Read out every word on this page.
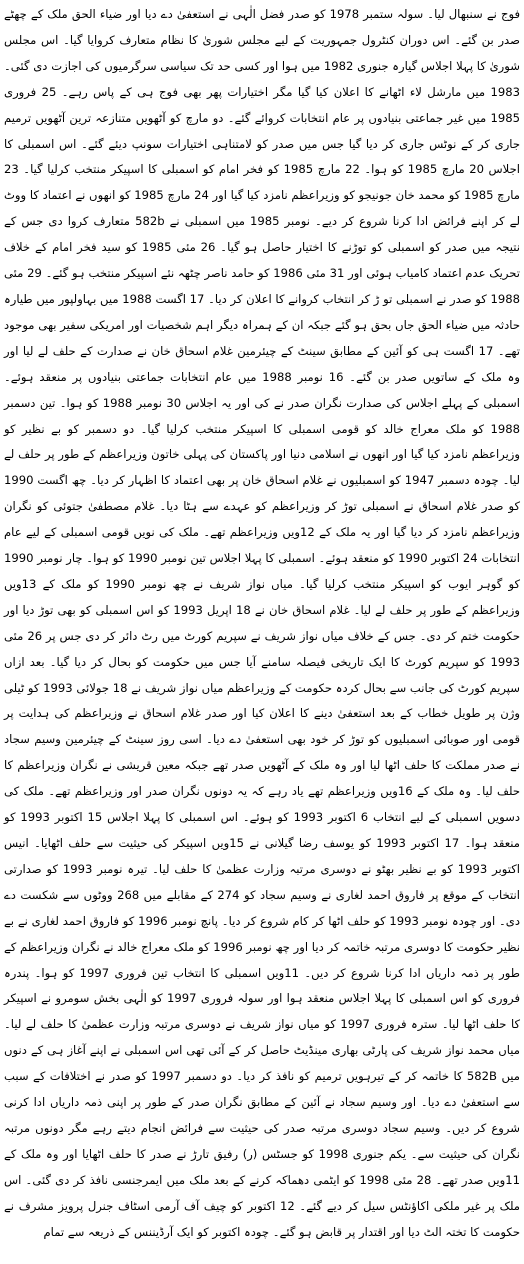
فوج نے سنبھال لیا۔ سولہ ستمبر 1978 کو صدر فضل الٰہی نے استعفیٰ دے دیا اور ضیاء الحق ملک کے چھٹے صدر بن گئے۔ اس دوران کنٹرول جمہوریت کے لیے مجلس شوریٰ کا نظام متعارف کروایا گیا۔ اس مجلس شوریٰ کا پہلا اجلاس گیارہ جنوری 1982 میں ہوا اور کسی حد تک سیاسی سرگرمیوں کی اجازت دی گئی۔ 1983 میں مارشل لاء اٹھانے کا اعلان کیا گیا مگر اختیارات پھر بھی فوج ہی کے پاس رہے۔ 25 فروری 1985 میں غیر جماعتی بنیادوں پر عام انتخابات کروائے گئے۔ دو مارچ کو آٹھویں متنازعہ ترین آٹھویں ترمیم جاری کر کے نوٹس جاری کر دیا گیا جس میں صدر کو لامتناہی اختیارات سونپ دیئے گئے۔ اس اسمبلی کا اجلاس 20 مارچ 1985 کو ہوا۔ 22 مارچ 1985 کو فخر امام کو اسمبلی کا اسپیکر منتخب کرلیا گیا۔ 23 مارچ 1985 کو محمد خان جونیجو کو وزیراعظم نامزد کیا گیا اور 24 مارچ 1985 کو انھوں نے اعتماد کا ووٹ لے کر اپنے فرائض ادا کرنا شروع کر دیے۔ نومبر 1985 میں اسمبلی نے 582b متعارف کروا دی جس کے نتیجہ میں صدر کو اسمبلی کو توڑنے کا اختیار حاصل ہو گیا۔ 26 مئی 1985 کو سید فخر امام کے خلاف تحریک عدم اعتماد کامیاب ہوئی اور 31 مئی 1986 کو حامد ناصر چٹھہ نئے اسپیکر منتخب ہو گئے۔ 29 مئی 1988 کو صدر نے اسمبلی تو ڑ کر انتخاب کروانے کا اعلان کر دیا۔ 17 اگست 1988 میں بہاولپور میں طیارہ حادثہ میں ضیاء الحق جاں بحق ہو گئے جبکہ ان کے ہمراہ دیگر اہم شخصیات اور امریکی سفیر بھی موجود تھے۔ 17 اگست ہی کو آئین کے مطابق سینٹ کے چیئرمین غلام اسحاق خان نے صدارت کے حلف لے لیا اور وہ ملک کے ساتویں صدر بن گئے۔ 16 نومبر 1988 میں عام انتخابات جماعتی بنیادوں پر منعقد ہوئے۔ اسمبلی کے پہلے اجلاس کی صدارت نگران صدر نے کی اور یہ اجلاس 30 نومبر 1988 کو ہوا۔ تین دسمبر 1988 کو ملک معراج خالد کو قومی اسمبلی کا اسپیکر منتخب کرلیا گیا۔ دو دسمبر کو بے نظیر کو وزیراعظم نامزد کیا گیا اور انھوں نے اسلامی دنیا اور پاکستان کی پہلی خاتون وزیراعظم کے طور پر حلف لے لیا۔ چودہ دسمبر 1947 کو اسمبلیوں نے غلام اسحاق خان پر بھی اعتماد کا اظہار کر دیا۔ چھ اگست 1990 کو صدر غلام اسحاق نے اسمبلی توڑ کر وزیراعظم کو عہدے سے ہٹا دیا۔ غلام مصطفیٰ جتوئی کو نگران وزیراعظم نامزد کر دیا گیا اور یہ ملک کے 12ویں وزیراعظم تھے۔ ملک کی نویں قومی اسمبلی کے لیے عام انتخابات 24 اکتوبر 1990 کو منعقد ہوئے۔ اسمبلی کا پہلا اجلاس تین نومبر 1990 کو ہوا۔ چار نومبر 1990 کو گوہر ایوب کو اسپیکر منتخب کرلیا گیا۔ میاں نواز شریف نے چھ نومبر 1990 کو ملک کے 13ویں وزیراعظم کے طور پر حلف لے لیا۔ غلام اسحاق خان نے 18 اپریل 1993 کو اس اسمبلی کو بھی توڑ دیا اور حکومت ختم کر دی۔ جس کے خلاف میاں نواز شریف نے سپریم کورٹ میں رٹ دائر کر دی جس پر 26 مئی 1993 کو سپریم کورٹ کا ایک تاریخی فیصلہ سامنے آیا جس میں حکومت کو بحال کر دیا گیا۔ بعد ازاں سپریم کورٹ کی جانب سے بحال کردہ حکومت کے وزیراعظم میاں نواز شریف نے 18 جولائی 1993 کو ٹیلی وژن پر طویل خطاب کے بعد استعفیٰ دینے کا اعلان کیا اور صدر غلام اسحاق نے وزیراعظم کی ہدایت پر قومی اور صوبائی اسمبلیوں کو توڑ کر خود بھی استعفیٰ دے دیا۔ اسی روز سینٹ کے چیئرمین وسیم سجاد نے صدر مملکت کا حلف اٹھا لیا اور وہ ملک کے آٹھویں صدر تھے جبکہ معین قریشی نے نگران وزیراعظم کا حلف لیا۔ وہ ملک کے 16ویں وزیراعظم تھے یاد رہے کہ یہ دونوں نگران صدر اور وزیراعظم تھے۔ ملک کی دسویں اسمبلی کے لیے انتخاب 6 اکتوبر 1993 کو ہوئے۔ اس اسمبلی کا پہلا اجلاس 15 اکتوبر 1993 کو منعقد ہوا۔ 17 اکتوبر 1993 کو یوسف رضا گیلانی نے 15ویں اسپیکر کی حیثیت سے حلف اٹھایا۔ انیس اکتوبر 1993 کو بے نظیر بھٹو نے دوسری مرتبہ وزارت عظمیٰ کا حلف لیا۔ تیرہ نومبر 1993 کو صدارتی انتخاب کے موقع پر فاروق احمد لغاری نے وسیم سجاد کو 274 کے مقابلے میں 268 ووٹوں سے شکست دے دی۔ اور چودہ نومبر 1993 کو حلف اٹھا کر کام شروع کر دیا۔ پانچ نومبر 1996 کو فاروق احمد لغاری نے بے نظیر حکومت کا دوسری مرتبہ خاتمہ کر دیا اور چھ نومبر 1996 کو ملک معراج خالد نے نگران وزیراعظم کے طور پر ذمہ داریاں ادا کرنا شروع کر دیں۔ 11ویں اسمبلی کا انتخاب تین فروری 1997 کو ہوا۔ پندرہ فروری کو اس اسمبلی کا پہلا اجلاس منعقد ہوا اور سولہ فروری 1997 کو الٰہی بخش سومرو نے اسپیکر کا حلف اٹھا لیا۔ سترہ فروری 1997 کو میاں نواز شریف نے دوسری مرتبہ وزارت عظمیٰ کا حلف لے لیا۔ میاں محمد نواز شریف کی پارٹی بھاری مینڈیٹ حاصل کر کے آئی تھی اس اسمبلی نے اپنے آغاز ہی کے دنوں میں 582B کا خاتمہ کر کے تیرہویں ترمیم کو نافذ کر دیا۔ دو دسمبر 1997 کو صدر نے اختلافات کے سبب سے استعفیٰ دے دیا۔ اور وسیم سجاد نے آئین کے مطابق نگران صدر کے طور پر اپنی ذمہ داریاں ادا کرنی شروع کر دیں۔ وسیم سجاد دوسری مرتبہ صدر کی حیثیت سے فرائض انجام دیتے رہے مگر دونوں مرتبہ نگران کی حیثیت سے۔ یکم جنوری 1998 کو جسٹس (ر) رفیق تارڑ نے صدر کا حلف اٹھایا اور وہ ملک کے 11ویں صدر تھے۔ 28 مئی 1998 کو ایٹمی دھماکہ کرنے کے بعد ملک میں ایمرجنسی نافذ کر دی گئی۔ اس ملک پر غیر ملکی اکاؤنٹس سیل کر دیے گئے۔ 12 اکتوبر کو چیف آف آرمی اسٹاف جنرل پرویز مشرف نے حکومت کا تختہ الٹ دیا اور اقتدار پر قابض ہو گئے۔ چودہ اکتوبر کو ایک آرڈیننس کے ذریعہ سے تمام
